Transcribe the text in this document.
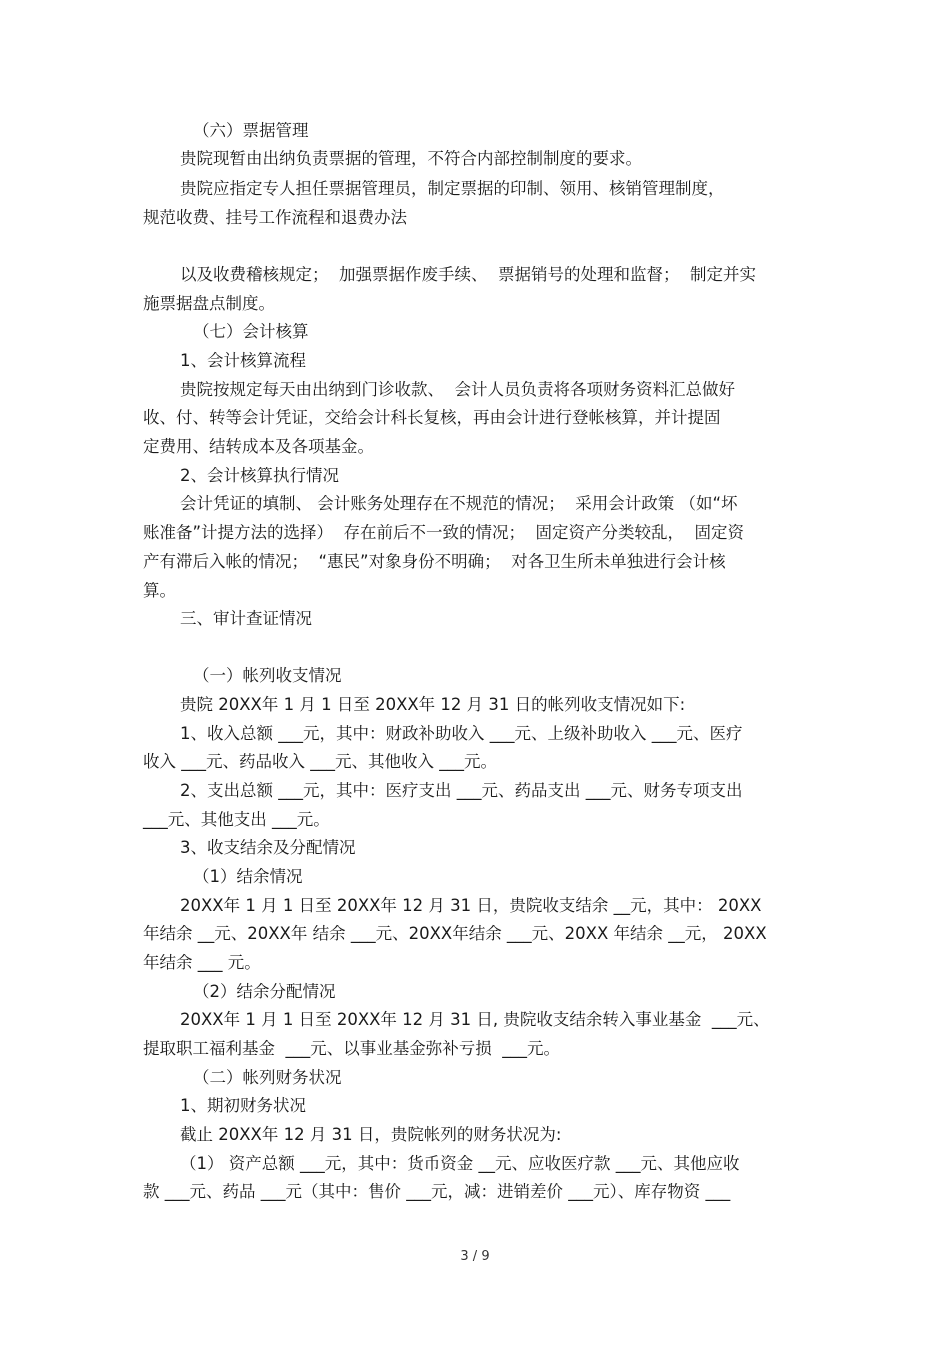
（六）票据管理

贵院现暂由出纳负责票据的管理，不符合内部控制制度的要求。

贵院应指定专人担任票据管理员，制定票据的印制、领用、核销管理制度，

规范收费、挂号工作流程和退费办法

以及收费稽核规定；  加强票据作废手续、  票据销号的处理和监督；  制定并实

施票据盘点制度。

（七）会计核算

1、会计核算流程

贵院按规定每天由出纳到门诊收款、  会计人员负责将各项财务资料汇总做好

收、付、转等会计凭证，交给会计科长复核，再由会计进行登帐核算，并计提固

定费用、结转成本及各项基金。

2、会计核算执行情况

会计凭证的填制、 会计账务处理存在不规范的情况；  采用会计政策 （如“坏

账准备”计提方法的选择）  存在前后不一致的情况；  固定资产分类较乱，  固定资

产有滞后入帐的情况；  “惠民”对象身份不明确；  对各卫生所未单独进行会计核

算。

三、审计查证情况

（一）帐列收支情况

贵院 20XX年 1 月 1 日至 20XX年 12 月 31 日的帐列收支情况如下:

1、收入总额 ___元，其中：财政补助收入 ___元、上级补助收入 ___元、医疗

收入 ___元、药品收入 ___元、其他收入 ___元。

2、支出总额 ___元，其中：医疗支出 ___元、药品支出 ___元、财务专项支出

___元、其他支出 ___元。

3、收支结余及分配情况

（1）结余情况

20XX年 1 月 1 日至 20XX年 12 月 31 日，贵院收支结余 __元，其中： 20XX

年结余 __元、20XX年 结余 ___元、20XX年结余 ___元、20XX 年结余 __元， 20XX

年结余 ___ 元。

（2）结余分配情况

20XX年 1 月 1 日至 20XX年 12 月 31 日, 贵院收支结余转入事业基金  ___元、

提取职工福利基金  ___元、以事业基金弥补亏损  ___元。

（二）帐列财务状况

1、期初财务状况

截止 20XX年 12 月 31 日，贵院帐列的财务状况为:

（1） 资产总额 ___元，其中：货币资金 __元、应收医疗款 ___元、其他应收

款 ___元、药品 ___元（其中：售价 ___元，减：进销差价 ___元）、库存物资 ___

3 / 9
